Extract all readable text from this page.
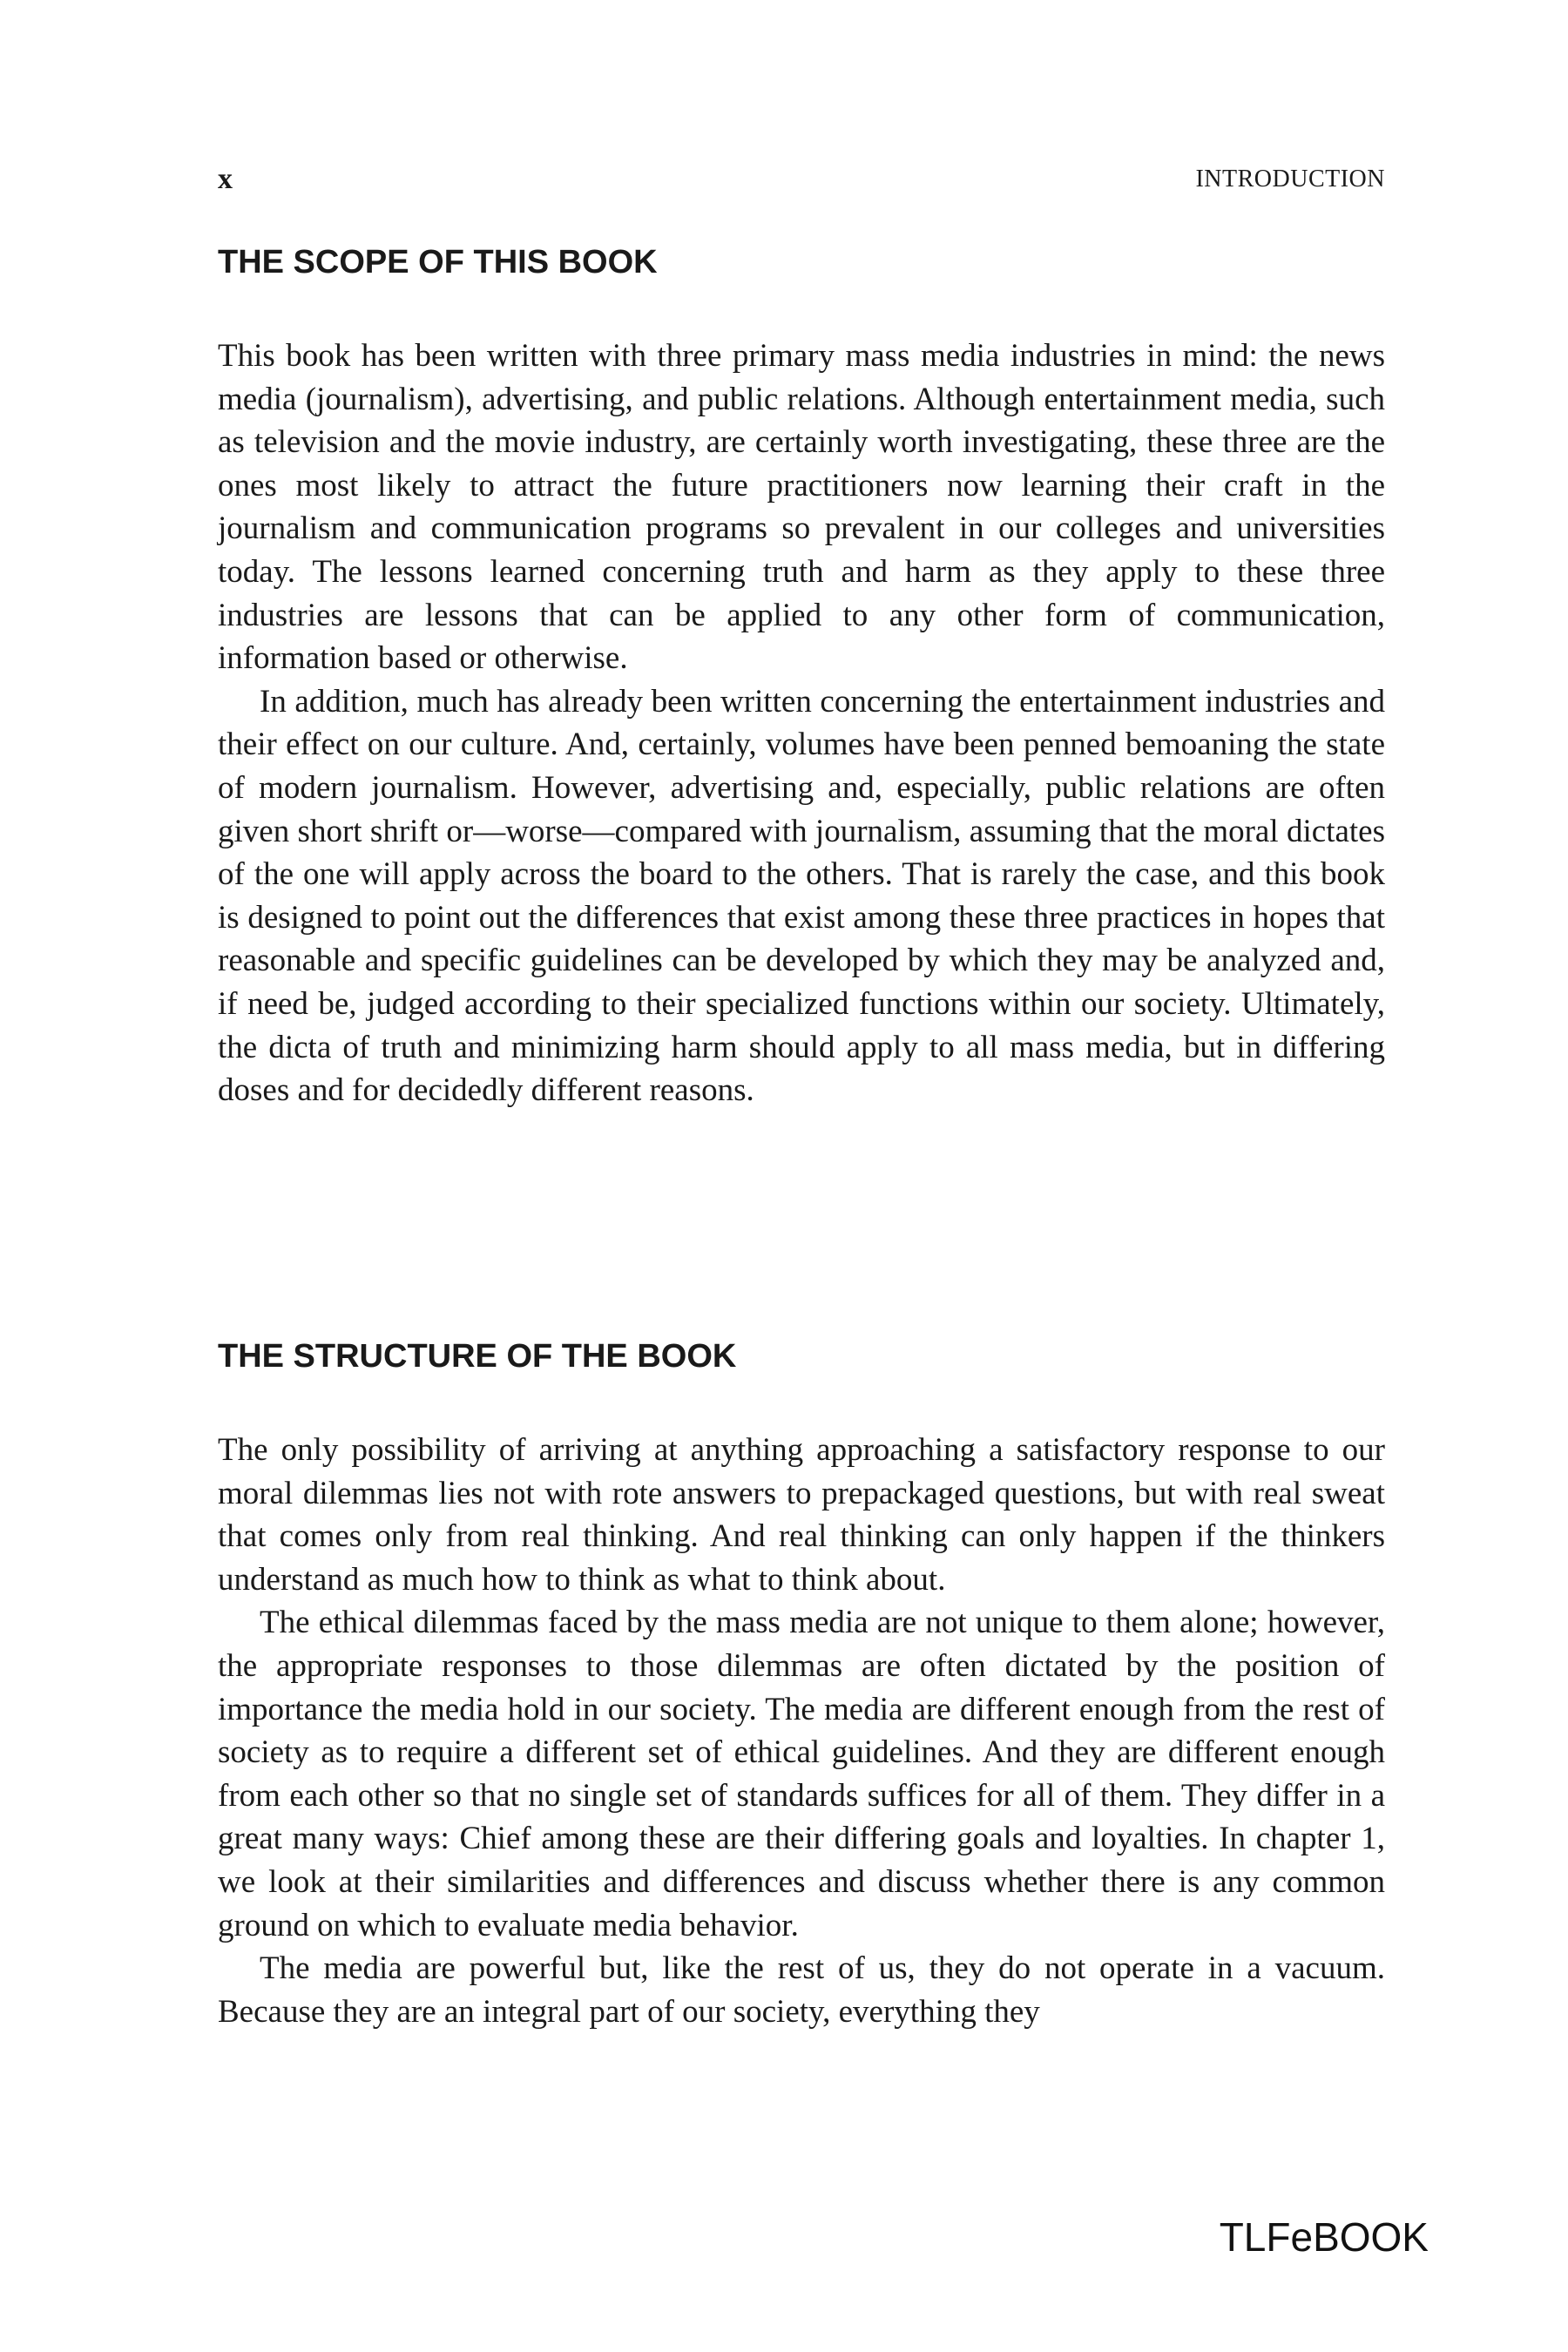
x	INTRODUCTION
THE SCOPE OF THIS BOOK

This book has been written with three primary mass media industries in mind: the news media (journalism), advertising, and public relations. Although entertainment media, such as television and the movie industry, are certainly worth investigating, these three are the ones most likely to attract the future practitioners now learning their craft in the journalism and communication programs so prevalent in our colleges and universities today. The lessons learned concerning truth and harm as they apply to these three industries are lessons that can be applied to any other form of communication, information based or otherwise.

In addition, much has already been written concerning the entertainment industries and their effect on our culture. And, certainly, volumes have been penned bemoaning the state of modern journalism. However, advertising and, especially, public relations are often given short shrift or—worse—compared with journalism, assuming that the moral dictates of the one will apply across the board to the others. That is rarely the case, and this book is designed to point out the differences that exist among these three practices in hopes that reasonable and specific guidelines can be developed by which they may be analyzed and, if need be, judged according to their specialized functions within our society. Ultimately, the dicta of truth and minimizing harm should apply to all mass media, but in differing doses and for decidedly different reasons.

THE STRUCTURE OF THE BOOK

The only possibility of arriving at anything approaching a satisfactory response to our moral dilemmas lies not with rote answers to prepackaged questions, but with real sweat that comes only from real thinking. And real thinking can only happen if the thinkers understand as much how to think as what to think about.

The ethical dilemmas faced by the mass media are not unique to them alone; however, the appropriate responses to those dilemmas are often dictated by the position of importance the media hold in our society. The media are different enough from the rest of society as to require a different set of ethical guidelines. And they are different enough from each other so that no single set of standards suffices for all of them. They differ in a great many ways: Chief among these are their differing goals and loyalties. In chapter 1, we look at their similarities and differences and discuss whether there is any common ground on which to evaluate media behavior.

The media are powerful but, like the rest of us, they do not operate in a vacuum. Because they are an integral part of our society, everything they

TLFeBOOK
